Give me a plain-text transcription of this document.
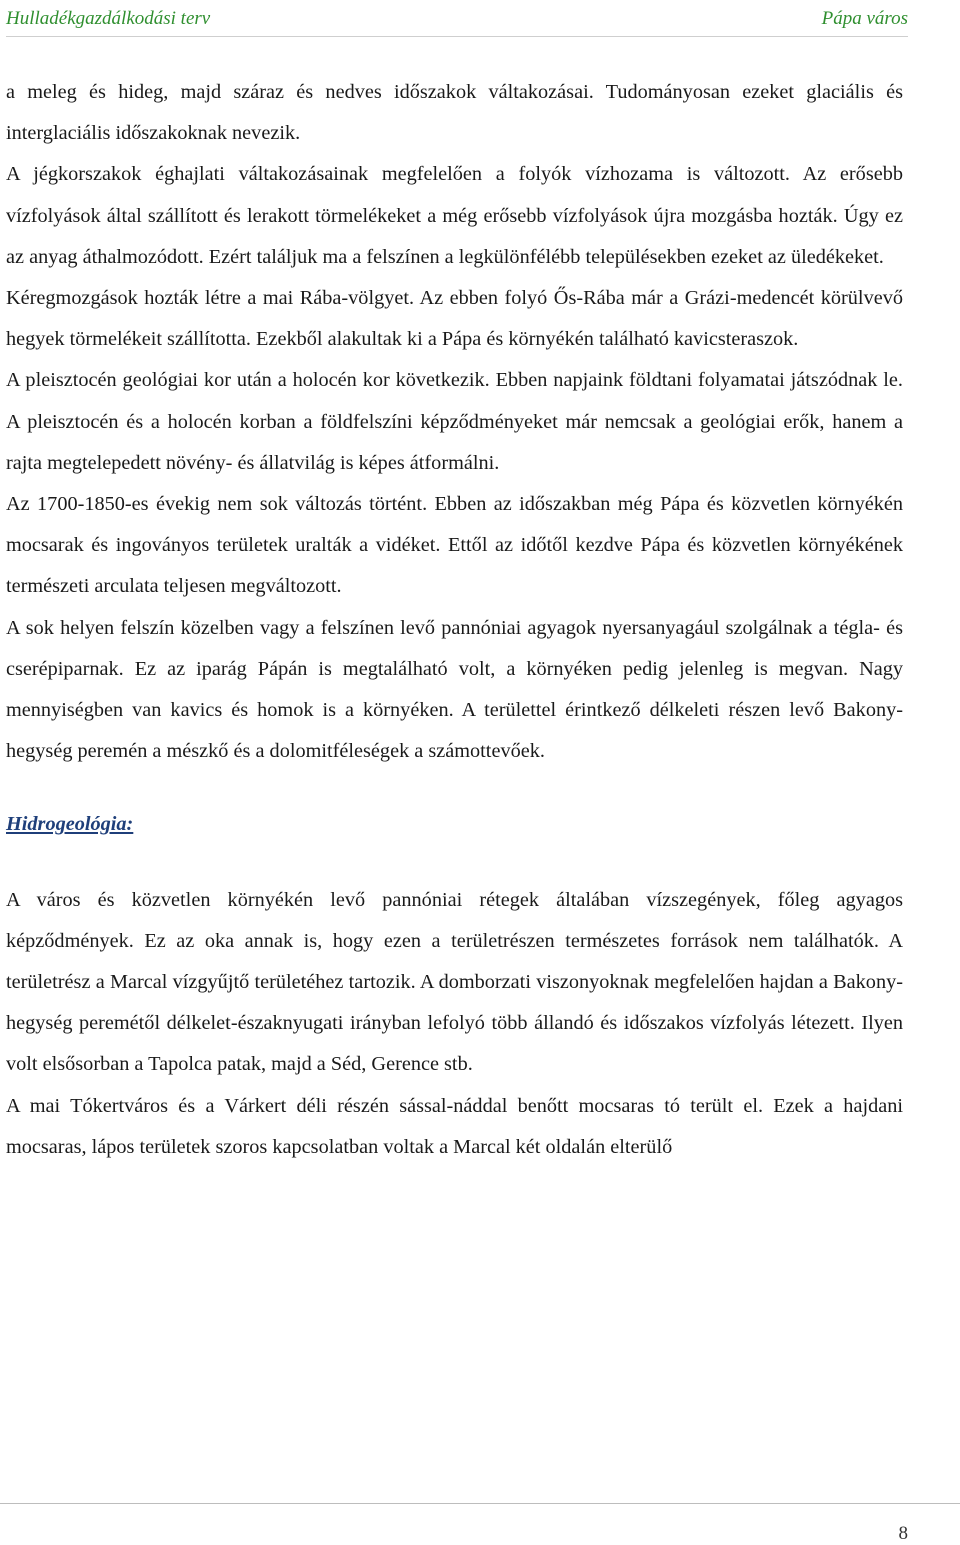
Hulladékgazdálkodási terv	Pápa város

a meleg és hideg, majd száraz és nedves időszakok váltakozásai. Tudományosan ezeket glaciális és interglaciális időszakoknak nevezik.

A jégkorszakok éghajlati váltakozásainak megfelelően a folyók vízhozama is változott. Az erősebb vízfolyások által szállított és lerakott törmelékeket a még erősebb vízfolyások újra mozgásba hozták. Úgy ez az anyag áthalmozódott. Ezért találjuk ma a felszínen a legkülönfélébb településekben ezeket az üledékeket.

Kéregmozgások hozták létre a mai Rába-völgyet. Az ebben folyó Ős-Rába már a Grázi-medencét körülvevő hegyek törmelékeit szállította. Ezekből alakultak ki a Pápa és környékén található kavicsteraszok.

A pleisztocén geológiai kor után a holocén kor következik. Ebben napjaink földtani folyamatai játszódnak le. A pleisztocén és a holocén korban a földfelszíni képződményeket már nemcsak a geológiai erők, hanem a rajta megtelepedett növény- és állatvilág is képes átformálni.

Az 1700-1850-es évekig nem sok változás történt. Ebben az időszakban még Pápa és közvetlen környékén mocsarak és ingoványos területek uralták a vidéket. Ettől az időtől kezdve Pápa és közvetlen környékének természeti arculata teljesen megváltozott.

A sok helyen felszín közelben vagy a felszínen levő pannóniai agyagok nyersanyagául szolgálnak a tégla- és cserépiparnak. Ez az iparág Pápán is megtalálható volt, a környéken pedig jelenleg is megvan. Nagy mennyiségben van kavics és homok is a környéken. A területtel érintkező délkeleti részen levő Bakony-hegység peremén a mészkő és a dolomitféleségek a számottevőek.

Hidrogeológia:

A város és közvetlen környékén levő pannóniai rétegek általában vízszegények, főleg agyagos képződmények. Ez az oka annak is, hogy ezen a területrészen természetes források nem találhatók. A területrész a Marcal vízgyűjtő területéhez tartozik. A domborzati viszonyoknak megfelelően hajdan a Bakony-hegység peremétől délkelet-északnyugati irányban lefolyó több állandó és időszakos vízfolyás létezett. Ilyen volt elsősorban a Tapolca patak, majd a Séd, Gerence stb.

A mai Tókertváros és a Várkert déli részén sással-náddal benőtt mocsaras tó terült el. Ezek a hajdani mocsaras, lápos területek szoros kapcsolatban voltak a Marcal két oldalán elterülő

8
